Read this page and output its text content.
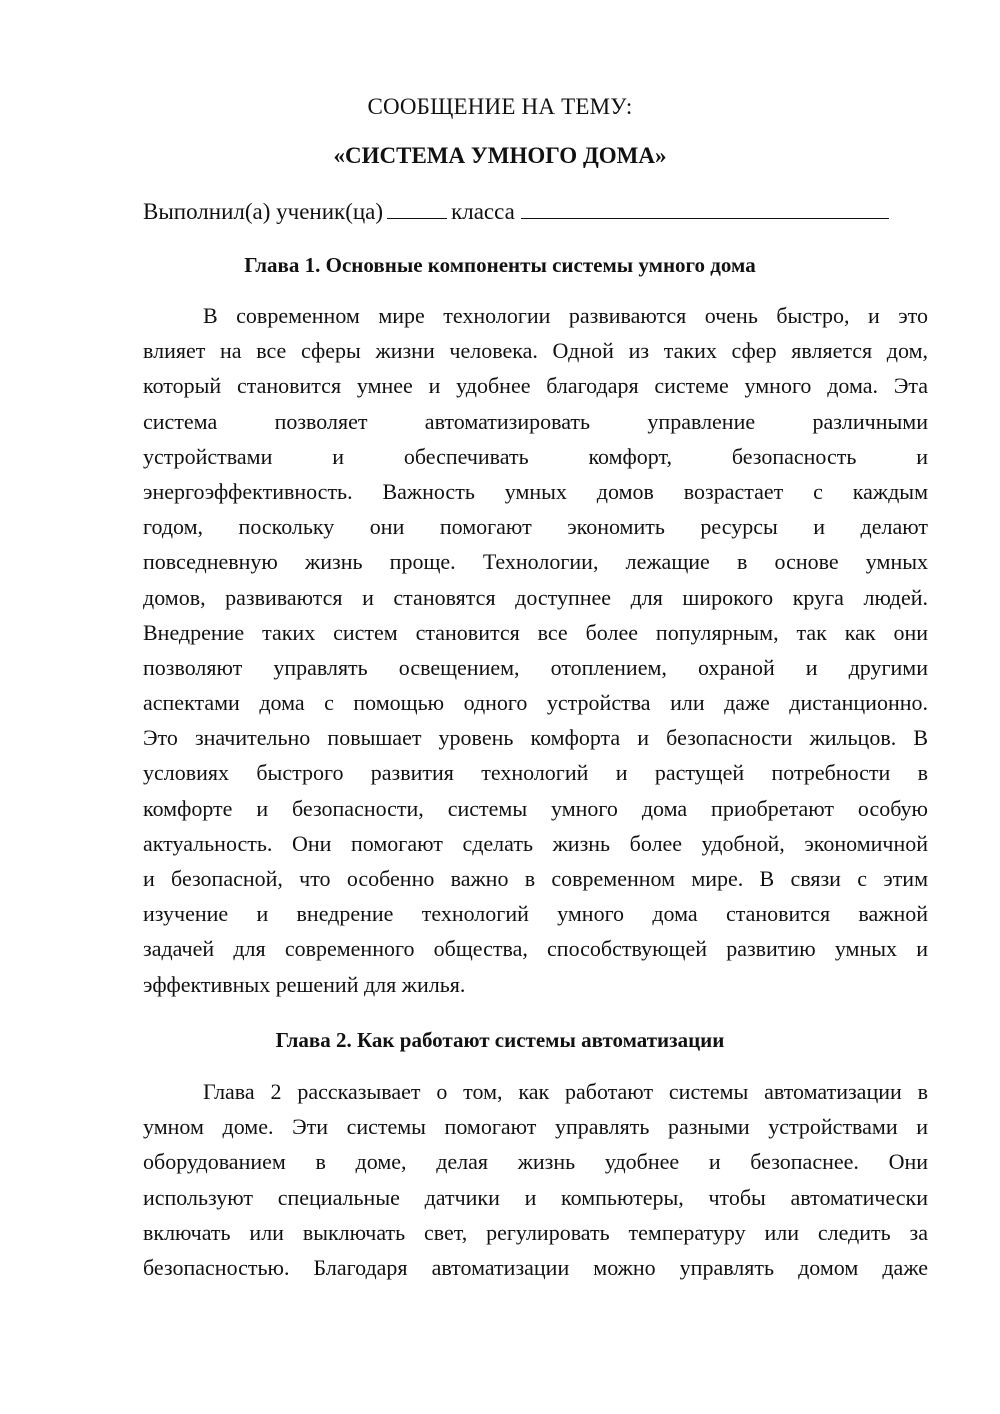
СООБЩЕНИЕ НА ТЕМУ:
«СИСТЕМА УМНОГО ДОМА»
Выполнил(а) ученик(ца)	класса
Глава 1. Основные компоненты системы умного дома
В современном мире технологии развиваются очень быстро, и это
влияет на все сферы жизни человека. Одной из таких сфер является дом,
который становится умнее и удобнее благодаря системе умного дома. Эта
система позволяет автоматизировать управление различными
устройствами и обеспечивать комфорт, безопасность и
энергоэффективность. Важность умных домов возрастает с каждым
годом, поскольку они помогают экономить ресурсы и делают
повседневную жизнь проще. Технологии, лежащие в основе умных
домов, развиваются и становятся доступнее для широкого круга людей.
Внедрение таких систем становится все более популярным, так как они
позволяют управлять освещением, отоплением, охраной и другими
аспектами дома с помощью одного устройства или даже дистанционно.
Это значительно повышает уровень комфорта и безопасности жильцов. В
условиях быстрого развития технологий и растущей потребности в
комфорте и безопасности, системы умного дома приобретают особую
актуальность. Они помогают сделать жизнь более удобной, экономичной
и безопасной, что особенно важно в современном мире. В связи с этим
изучение и внедрение технологий умного дома становится важной
задачей для современного общества, способствующей развитию умных и
эффективных решений для жилья.
Глава 2. Как работают системы автоматизации
Глава 2 рассказывает о том, как работают системы автоматизации в
умном доме. Эти системы помогают управлять разными устройствами и
оборудованием в доме, делая жизнь удобнее и безопаснее. Они
используют специальные датчики и компьютеры, чтобы автоматически
включать или выключать свет, регулировать температуру или следить за
безопасностью. Благодаря автоматизации можно управлять домом даже
